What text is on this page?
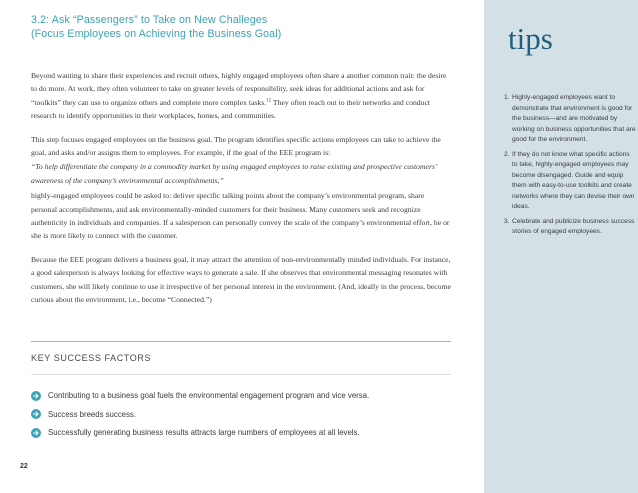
3.2: Ask “Passengers” to Take on New Challeges
(Focus Employees on Achieving the Business Goal)

Beyond wanting to share their experiences and recruit others, highly engaged employees often share a another common trait: the desire to do more. At work, they often volunteer to take on greater levels of responsibility, seek ideas for additional actions and ask for “toolkits” they can use to organize others and complete more complex tasks.$^{12}$ They often reach out to their networks and conduct research to identify opportunities in their workplaces, homes, and communities.

This step focuses engaged employees on the business goal. The program identifies specific actions employees can take to achieve the goal, and asks and/or assigns them to employees. For example, if the goal of the EEE program is:

“To help differentiate the company in a commodity market by using engaged employees to raise existing and prospective customers’ awareness of the company’s environmental accomplishments,”

highly-engaged employees could be asked to: deliver specific talking points about the company’s environmental program, share personal accomplishments, and ask environmentally-minded customers for their business. Many customers seek and recognize authenticity in individuals and companies. If a salesperson can personally convey the scale of the company’s environmental effort, he or she is more likely to connect with the customer.

Because the EEE program delivers a business goal, it may attract the attention of non-environmentally minded individuals. For instance, a good salesperson is always looking for effective ways to generate a sale. If she observes that environmental messaging resonates with customers, she will likely continue to use it irrespective of her personal interest in the environment. (And, ideally in the process, become curious about the environment, i.e., become “Connected.”)

KEY SUCCESS FACTORS
Contributing to a business goal fuels the environmental engagement program and vice versa.
Success breeds success.
Successfully generating business results attracts large numbers of employees at all levels.
22
tips
1. Highly-engaged employees want to demonstrate that environment is good for the business—and are motivated by working on business opportunities that are good for the environment.
2. If they do not know what specific actions to take, highly-engaged employees may become disengaged. Guide and equip them with easy-to-use toolkits and create networks where they can devise their own ideas.
3. Celebrate and publicize business success stories of engaged employees.
